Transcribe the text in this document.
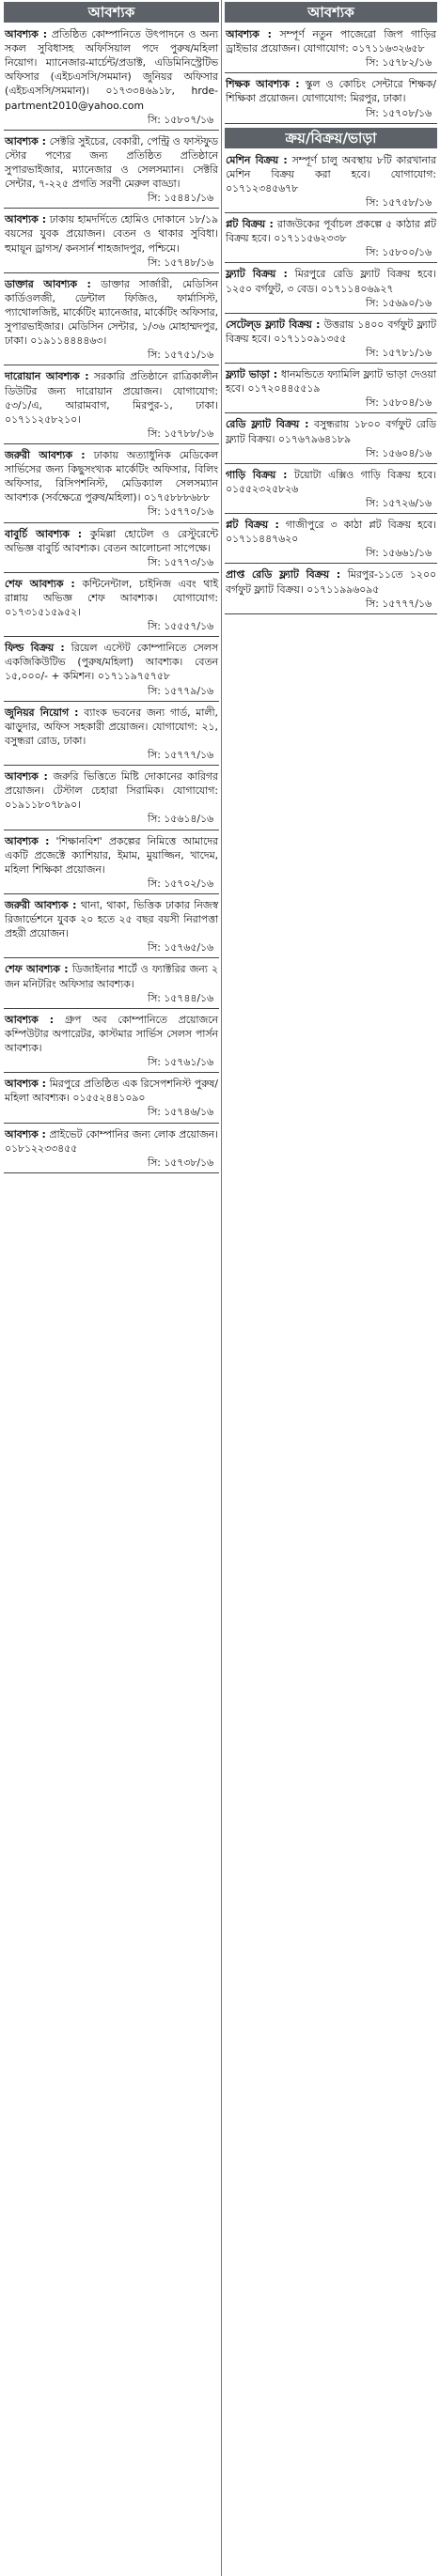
আবশ্যক
আবশ্যক : প্রতিষ্ঠিত কোম্পানিতে উৎপাদনে ও অন্য সকল সুবিধাসহ অফিসিয়াল পদে পুরুষ/মহিলা নিয়োগ। ম্যানেজার-মার্চেন্ট/প্রডাক্ট, এডিমিনিস্ট্রেটিভ অফিসার (এইচএসসি/সমমান) জুনিয়র অফিসার (এইচএসসি/সমমান)। ০১৭৩৩৪৬৯১৮, hrde-partment2010@yahoo.com
সি: ১৫৮০৭/১৬
আবশ্যক : সেক্টরি সুইচের, বেকারী, পেন্ট্রি ও ফাস্টফুড স্টোর পণ্যের জন্য প্রতিষ্ঠিত প্রতিষ্ঠানে সুপারভাইজার, ম্যানেজার ও সেলসম্যান। সেক্টরি সেন্টার, ৭-২২৫ প্রগতি সরণী মেরুল বাড্ডা।
সি: ১৫৪৪১/১৬
আবশ্যক : ঢাকায় হামদর্দিতে হোমিও দোকানে ১৮/১৯ বয়সের যুবক প্রয়োজন। বেতন ও থাকার সুবিধা। হুমায়ূন ড্রাগস/ কনসার্ন শাহজাদপুর, পশ্চিমে।
সি: ১৫৭৪৮/১৬
ডাক্তার আবশ্যক : ডাক্তার সার্জারী, মেডিসিন কার্ডিওলজী, ডেন্টাল ফিজিও, ফার্মাসিস্ট, প্যাথোলজিষ্ট, মার্কেটিং ম্যানেজার, মার্কেটিং অফিসার, সুপারভাইজার। মেডিসিন সেন্টার, ১/৩৬ মোহাম্মদপুর, ঢাকা। ০১৯১১৪৪৪৪৬৩।
সি: ১৫৭৫১/১৬
দারোয়ান আবশ্যক : সরকারি প্রতিষ্ঠানে রাত্রিকালীন ডিউটির জন্য দারোয়ান প্রয়োজন। যোগাযোগ: ৫৩/১/এ, আরামবাগ, মিরপুর-১, ঢাকা। ০১৭১১২৫৮২১০।
সি: ১৫৭৮৮/১৬
জরুরী আবশ্যক : ঢাকায় অত্যাধুনিক মেডিকেল সার্ভিসের জন্য কিছুসংখ্যক মার্কেটিং অফিসার, বিলিং অফিসার, রিসিপশনিস্ট, মেডিক্যাল সেলসম্যান আবশ্যক (সর্বক্ষেত্রে পুরুষ/মহিলা)। ০১৭৫৮৮৮৬৮৮
সি: ১৫৭৭০/১৬
বাবুর্চি আবশ্যক : কুমিল্লা হোটেল ও রেস্টুরেন্টে অভিজ্ঞ বাবুর্চি আবশ্যক। বেতন আলোচনা সাপেক্ষে।
সি: ১৫৭৭৩/১৬
শেফ আবশ্যক : কন্টিনেন্টাল, চাইনিজ এবং থাই রান্নায় অভিজ্ঞ শেফ আবশ্যক। যোগাযোগ: ০১৭৩১৫১৫৯৫২।
সি: ১৫৫৫৭/১৬
ফিল্ড বিক্রয় : রিয়েল এস্টেট কোম্পানিতে সেলস একজিকিউটিভ (পুরুষ/মহিলা) আবশ্যক। বেতন ১৫,০০০/- + কমিশন। ০১৭১১৯৭৫৭৫৮
সি: ১৫৭৭৯/১৬
জুনিয়র নিয়োগ : ব্যাংক ভবনের জন্য গার্ড, মালী, ঝাড়ুদার, অফিস সহকারী প্রয়োজন। যোগাযোগ: ২১, বসুন্ধরা রোড, ঢাকা।
সি: ১৫৭৭৭/১৬
আবশ্যক : জরুরি ভিত্তিতে মিষ্টি দোকানের কারিগর প্রয়োজন। টেস্টাল চেহারা সিরামিক। যোগাযোগ: ০১৯১১৮০৭৮৯০।
সি: ১৫৬১৪/১৬
আবশ্যক : 'শিক্ষানবিশ' প্রকল্পের নিমিত্তে আমাদের একটি প্রজেক্টে ক্যাশিয়ার, ইমাম, মুয়াজ্জিন, খাদেম, মহিলা শিক্ষিকা প্রয়োজন।
সি: ১৫৭০২/১৬
জরুরী আবশ্যক : থানা, থাকা, ভিত্তিক ঢাকার নিজস্ব রিজার্ভেশনে যুবক ২০ হতে ২৫ বছর বয়সী নিরাপত্তা প্রহরী প্রয়োজন।
সি: ১৫৭৬৫/১৬
শেফ আবশ্যক : ডিজাইনার শার্টে ও ফ্যাক্টরির জন্য ২ জন মনিটরিং অফিসার আবশ্যক।
সি: ১৫৭৪৪/১৬
আবশ্যক : গ্রুপ অব কোম্পানিতে প্রয়োজনে কম্পিউটার অপারেটর, কাস্টমার সার্ভিস সেলস পার্সন আবশ্যক।
সি: ১৫৭৬১/১৬
আবশ্যক : মিরপুরে প্রতিষ্ঠিত এক রিসেপশনিস্ট পুরুষ/মহিলা আবশ্যক। ০১৫৫২৪৪১০৯০
সি: ১৫৭৪৬/১৬
আবশ্যক : প্রাইভেট কোম্পানির জন্য লোক প্রয়োজন। ০১৮১২২৩৩৪৫৫
সি: ১৫৭৩৮/১৬
আবশ্যক
আবশ্যক : সম্পূর্ণ নতুন পাজেরো জিপ গাড়ির ড্রাইভার প্রয়োজন। যোগাযোগ: ০১৭১১৬৩২৬৫৮
সি: ১৫৭৮২/১৬
শিক্ষক আবশ্যক : স্কুল ও কোচিং সেন্টারে শিক্ষক/শিক্ষিকা প্রয়োজন। যোগাযোগ: মিরপুর, ঢাকা।
সি: ১৫৭০৮/১৬
ক্রয়/বিক্রয়/ভাড়া
মেশিন বিক্রয় : সম্পূর্ণ চালু অবস্থায় ৮টি কারখানার মেশিন বিক্রয় করা হবে। যোগাযোগ: ০১৭১২৩৪৫৬৭৮
সি: ১৫৭৫৮/১৬
প্লট বিক্রয় : রাজউকের পূর্বাচল প্রকল্পে ৫ কাঠার প্লট বিক্রয় হবে। ০১৭১১৫৬২৩৩৮
সি: ১৫৮০০/১৬
ফ্ল্যাট বিক্রয় : মিরপুরে রেডি ফ্ল্যাট বিক্রয় হবে। ১২৫০ বর্গফুট, ৩ বেড। ০১৭১১৪০৬৯২৭
সি: ১৫৬৯০/১৬
সেটেল্‌ড ফ্ল্যাট বিক্রয় : উত্তরায় ১৪০০ বর্গফুট ফ্ল্যাট বিক্রয় হবে। ০১৭১১০৯১৩৫৫
সি: ১৫৭৮১/১৬
ফ্ল্যাট ভাড়া : ধানমন্ডিতে ফ্যামিলি ফ্ল্যাট ভাড়া দেওয়া হবে। ০১৭২০৪৪৫৫১৯
সি: ১৫৮০৪/১৬
রেডি ফ্ল্যাট বিক্রয় : বসুন্ধরায় ১৮০০ বর্গফুট রেডি ফ্ল্যাট বিক্রয়। ০১৭৬৭৯৬৪১৮৯
সি: ১৫৬০৪/১৬
গাড়ি বিক্রয় : টয়োটা এক্সিও গাড়ি বিক্রয় হবে। ০১৫৫২৩২৫৮২৬
সি: ১৫৭২৬/১৬
প্লট বিক্রয় : গাজীপুরে ৩ কাঠা প্লট বিক্রয় হবে। ০১৭১১৪৪৭৬২০
সি: ১৫৬৬১/১৬
প্রাপ্ত রেডি ফ্ল্যাট বিক্রয় : মিরপুর-১১তে ১২০০ বর্গফুট ফ্ল্যাট বিক্রয়। ০১৭১১৯৯৬০৯৫
সি: ১৫৭৭৭/১৬
